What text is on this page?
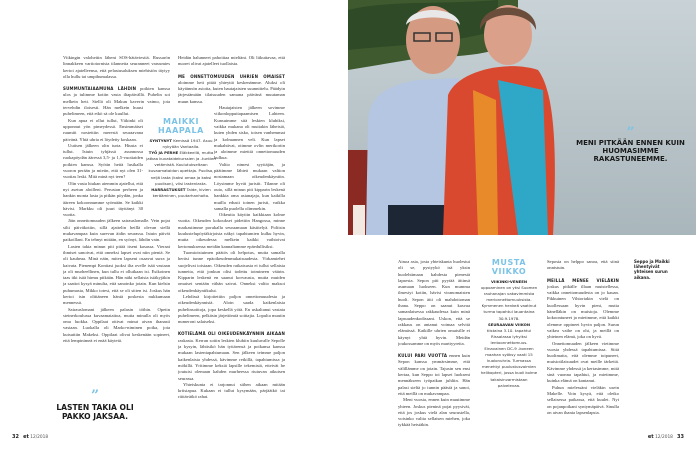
Viikingin valoheitin läheni SOS-hätäviestiä. Russarön linnakkeen vartiotornista tilannetta seuranneet varusmies kertoi ajatelleensa, että pelastusaluksen miehistön täytyy olla hullu tai umpihumalassa.

SUMMUNTAIAAMUNA LÄHDIN poikien kanssa ulos ja tulimme kotiin vasta iltapäivällä. Puhelin soi melkein heti. Siellä oli Makun kaverin vaimo, jota tervehdin iloisesti. Hän melkein huusi puhelimeen, että etkö sä ole kuullut.

Kun apua ei ollut tullut, Viikinki oli upponnut yön pimeydessä. Ensimmäiset ruumiit nostettiin merestä seuraavana päivänä. Yhtä uhria ei löydetty koskaan.

Uutisen jälkeen olin turta. Hiusta ei tullut. Istuin tyhjässä asunnossa ruokapöydän ääressä 3,5- ja 1,5-vuotiaiden poikien kanssa. Syötin heitä lusikalla vuoron perään ja mietin, että nyt olen 31-vuotias leski. Mitä minä nyt teen?

Olin vasta hiukan aiemmin ajatellut, että nyt asetun aloilleni. Perustan perheen ja hankin monta lasta ja pitkän pöydän, jonka ääreen kokoonnumme syömään. Se kaikki hävisi. Markku oli juuri täyttänyt 30 vuotta.

Jäin onnettomuuden jälkeen sairauslomalle. Vein pojat silti päiväkotiin, sillä ajattelin heillä olevan siellä mukavampaa kuin surevan äidin seurassa. Istuin päivät paikoillani. En tehnyt mitään, en syönyt, lähdin vain.

Lasten takia minun piti pitää itseni kasassa. Vieraat ihmiset sanoivat, että onneksi lapset ovat niin pieniä. Se oli kauheaa. Minä näin, miten lapseni osaavat surra ja kaivata. Pienempi Kontiasi juoksi ilta ovelle isää vastaan ja oli murheellinen, kun tullu ei ollutkaan isi. Esikoinen taas itki isää hirmu pitkään. Hän näki sellaisia isiäkyjäkin ja saattoi kysyä minulta, että sanoinko jotain. Kun kielsin puhumasta, Mikko totesi, että se oli sitten isi. Joskus hän kertoi isin olittäneen häntä poskesta nukkumaan mennessä.

Sairauslomani jälkeen palasin töihin. Opetin steinerkoulussa kuvaamataitoa, mutta minulla oli myös oma luokka. Oppilaat ottivat minut aivan ihanasti vastaan. Luokalla oli Marko-niminen poika, jota kutsuttiin Makeksi. Oppilaat olivat keskenään sopineet, että lempinimeä ei enää käytetä.

Heidän halunneet pahoittaa mieltäni. Oli liikuttavaa, että nuoret olivat ajatelleet tuollaista.

ME ONNETTOMUUDEN UHRIEN OMAISET aloimme heti pitää yhteyttä keskenämme. Aluksi oli käytännön asioita, kuten hautajaisten suunnittelu. Päädyin järjestämään tilaisuuden samana päivänä muutaman muun kanssa.

Hautajaisten jälkeen sovimme viikonloppuitapaamisen Lahteen. Kunsuimme sitä leskien klubiksi, vaikka mukana oli muitakin läheisiä, kuten yhden sisko, toisen vanhemmat ja kolmannen veli. Kun lapset mukahtivat, otimme ovlin merikortin ja aloimme miettiä onnettomuuden kulkua.

Valtio nimesi syyttäjän, ja päätimme lähteä mukaan valtion nostamaan oikeudenkäyntiin. Löysimme hyvät juristit. Tilanne oli outo, sillä minun piti kipparin leskenä hankkia oma asianajaja, kun kaikilla muilla edusti toinen juristi, vaikka samalla puolella olimmekin.

Oikeutta käytiin kaikkiaan kolme vuotta. Oikeuden kokoukset pidettiin Hangossa, minne markastimme porukalla seuraamaan käsittelyä. Poliisin kuulustelupöytäkirjoista näkyi tapahtumien kulku hyvin, mutta oikeudessa melkein kaikki vaihtoivat kertomuksensa meidän kannaltamme epäedullisiksi.

Tuomioistuimen päätös oli helpotus, mutta samalla heräsi tunne epäoikeudenmukaisuudesta. Virkamiehet suojelivat toisiaan. Oikeuden ratkaisusta ei tullut sellaista tunnetta, että jonkun olisi todettu toimineen väärin. Kipparin leskenä en saanut korvausta, mutta muiden omaiset sentään vähän saivat. Onneksi valtio maksoi oikeudenkäyntikulut.

Lehdissä kirjoitettiin paljon onnettomuudesta ja oikeudenkäynnistä. Aloin saada kaikenlaisia puhelinsoittoja, jopa keskellä yötä. En uskaltanut vastata puhelimeen, pelkäsin järjettömiä soittajia. Lopulta muutin numeroni salaiseksi.

KOTIELÄMÄ OLI OIKEUDENKÄYNNIN AIKAAN raskasta. Kerran soitin leskien klubiin kuuluvalle Sepolle ja kysyin, lähtisikö hän tyttärensä ja poikansa kanssa mukaan lastentapahtumaan. Sen jälkeen teimme paljon kaikenlaista yhdessä, kävimme retkillä, tapahtumissa ja mökillä. Yritimme keksiä lapsille tekemistä, etteivät he joutuisi olemaan kahden murheessa riutuvan aikuisen seurassa.

Yhteiskunta ei tarjonnut siihen aikaan mitään kriisiapua. Kukaan ei tullut kysymään, pärjäätkö tai riittävätkö rahat.

MAIKKI HAAPALA
SYNTYNYT Kemissä 1947. Asuu nykyään Vantaalla.
TYÖ JA PERHE Eläkkeellä, mutta jatkaa kuvataidekurssien ja -tuntien vetämistä. Koulutukseltaan kuvaamataidon opettaja. Puoliso, neljä lasta (kaksi omaa ja kaksi puolison), viisi lastenlasta.
HARRASTUKSET Taide, kivien kerääminen, puutarhanhoito.
”
LASTEN TAKIA OLI PAKKO JAKSAA.
32 et 12/2018
”
MENI PITKÄÄN ENNEN KUIN HUOMASIMME RAKASTUNEEMME.

Ainoa asia, josta yhteiskunta huolestui oli se, pystyykö isä yksin huolehtimaan kahdesta pienestä lapsesta. Sepon piti pyytää äitinsä asumaan luokseen. Kun mumma ilmestyi kotiin, hävisi viranomaisten huoli. Sepon äiti oli mahdottoman ihana. Seppo on saanut kasvaa samanlaisessa rakkaudessa kuin minä lapsuudenkodissani. Uskon, että se rakkaus on antanut voimaa selvitä elämässä. Kaikille uhrien omaisille ei käynyt yhtä hyvin. Meidän joukossamme on myös marttyyreita.

KULUI PARI VUOTTA ennen kuin Sepon kanssa ymmärsimme, että välillämme on jotain. Tajusin sen ensi kertaa, kun Seppo toi lapset luokseni mennäkseen työpaikan juhliin. Hän palasi sieltä jo tunnin päästä ja sanoi, että meillä on mukavampaa.

Meni vuosia, ennen kuin muutimme yhteen. Joskus pieninä pojat pyysivät, että jos joskus vielä alan seurustella, voisinko valita sellaisen miehen, joka tykkää heistäkin.

MUSTA VIIKKO
VIIKINKI-VENEEN uppoaminen on yksi Suomen rauhanajan vakavimmista merionnettomuuksista. Kymmenen henkeä vaatinut turma tapahtui lauantaina 30.9.1978.
SEURAAVAN VIIKON tiistaina 3.10. tapahtui Rissalassa lyhyiksi lentoonnettomuus. Einavainen DC-9 -koneen maahan syöksy vaati 15 kuolonuhria. Turmassa menehtyi puolustusvoimien helikopteri, jossa kuoli kolme takaisinvarmistaan palvelevaa.

Seposta on helppo sanoa, että siinä onnistuin.

MEILLÄ MENEE VIELÄKIN joskus pitkälle illaan muistellessa, vaikka onnettomuudesta on jo kauan. Pikkuinen Vihtoriakin vielä on kuollessaan hyvin pieni, mutta hänelläkin on muistoja. Olemme kokoontuneet ja mietimme, että kaikki olemme oppineet hyvin paljon. Surun vaikea vaihe on ohi, ja meillä on yhteinen elämä, joka on hyvä.

Onnettomuuden jälkeen vietimme vuosia yhdessä tapahtumissa. Siitä huolimatta, että olemme toipuneet, muistotilaisuudet ovat meille tärkeitä. Kävimme yhdessä ja kertasimme, mitä sinä vuonna tapahtui, ja mietimme, kuinka elämä on kantanut.

Puhun mielessäni vieläkin usein Makelle. Voin kysyä, että oletko sellaisessa paikassa, että kuulet. Nyt on pojanpoikani syntymäpäivä. Sinulla on aivan ihania lapsenlapsia.

Seppo ja Maikki lähentyivät yhteisen surun aikana.
et 12/2018 33
